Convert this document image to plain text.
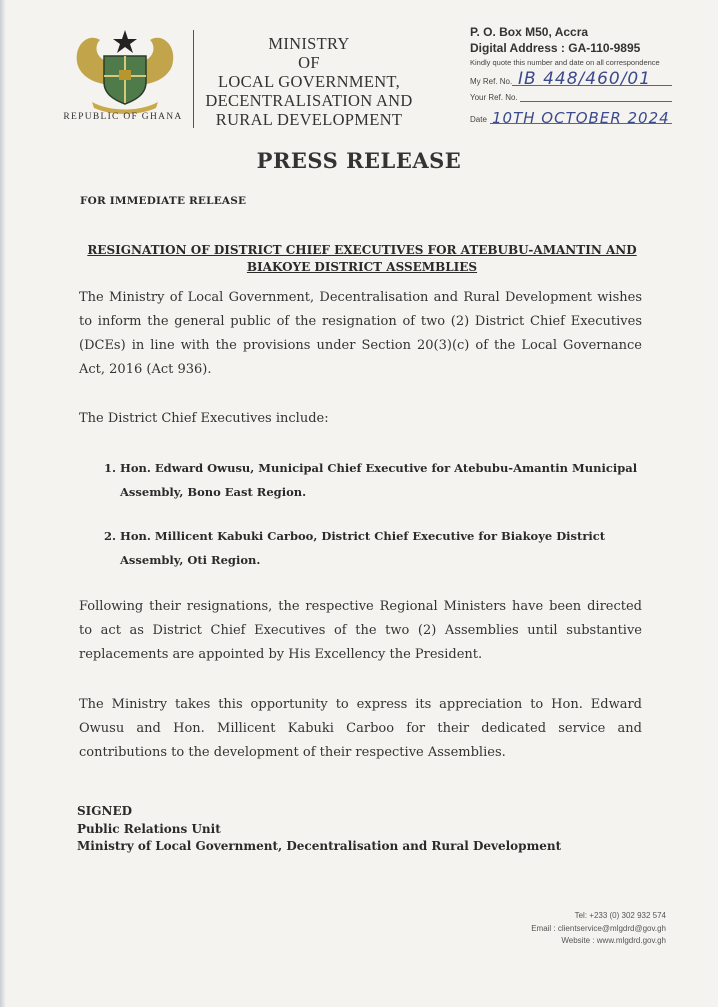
REPUBLIC OF GHANA
MINISTRY
OF
LOCAL GOVERNMENT,
DECENTRALISATION AND
RURAL DEVELOPMENT
P. O. Box M50, Accra
Digital Address : GA-110-9895
Kindly quote this number and date on all correspondence
My Ref. No. IB 448/460/01
Your Ref. No.
Date 10TH OCTOBER 2024
PRESS RELEASE
FOR IMMEDIATE RELEASE
RESIGNATION OF DISTRICT CHIEF EXECUTIVES FOR ATEBUBU-AMANTIN AND BIAKOYE DISTRICT ASSEMBLIES
The Ministry of Local Government, Decentralisation and Rural Development wishes to inform the general public of the resignation of two (2) District Chief Executives (DCEs) in line with the provisions under Section 20(3)(c) of the Local Governance Act, 2016 (Act 936).
The District Chief Executives include:
1. Hon. Edward Owusu, Municipal Chief Executive for Atebubu-Amantin Municipal Assembly, Bono East Region.
2. Hon. Millicent Kabuki Carboo, District Chief Executive for Biakoye District Assembly, Oti Region.
Following their resignations, the respective Regional Ministers have been directed to act as District Chief Executives of the two (2) Assemblies until substantive replacements are appointed by His Excellency the President.
The Ministry takes this opportunity to express its appreciation to Hon. Edward Owusu and Hon. Millicent Kabuki Carboo for their dedicated service and contributions to the development of their respective Assemblies.
SIGNED
Public Relations Unit
Ministry of Local Government, Decentralisation and Rural Development
Tel: +233 (0) 302 932 574
Email : clientservice@mlgdrd@gov.gh
Website : www.mlgdrd.gov.gh
